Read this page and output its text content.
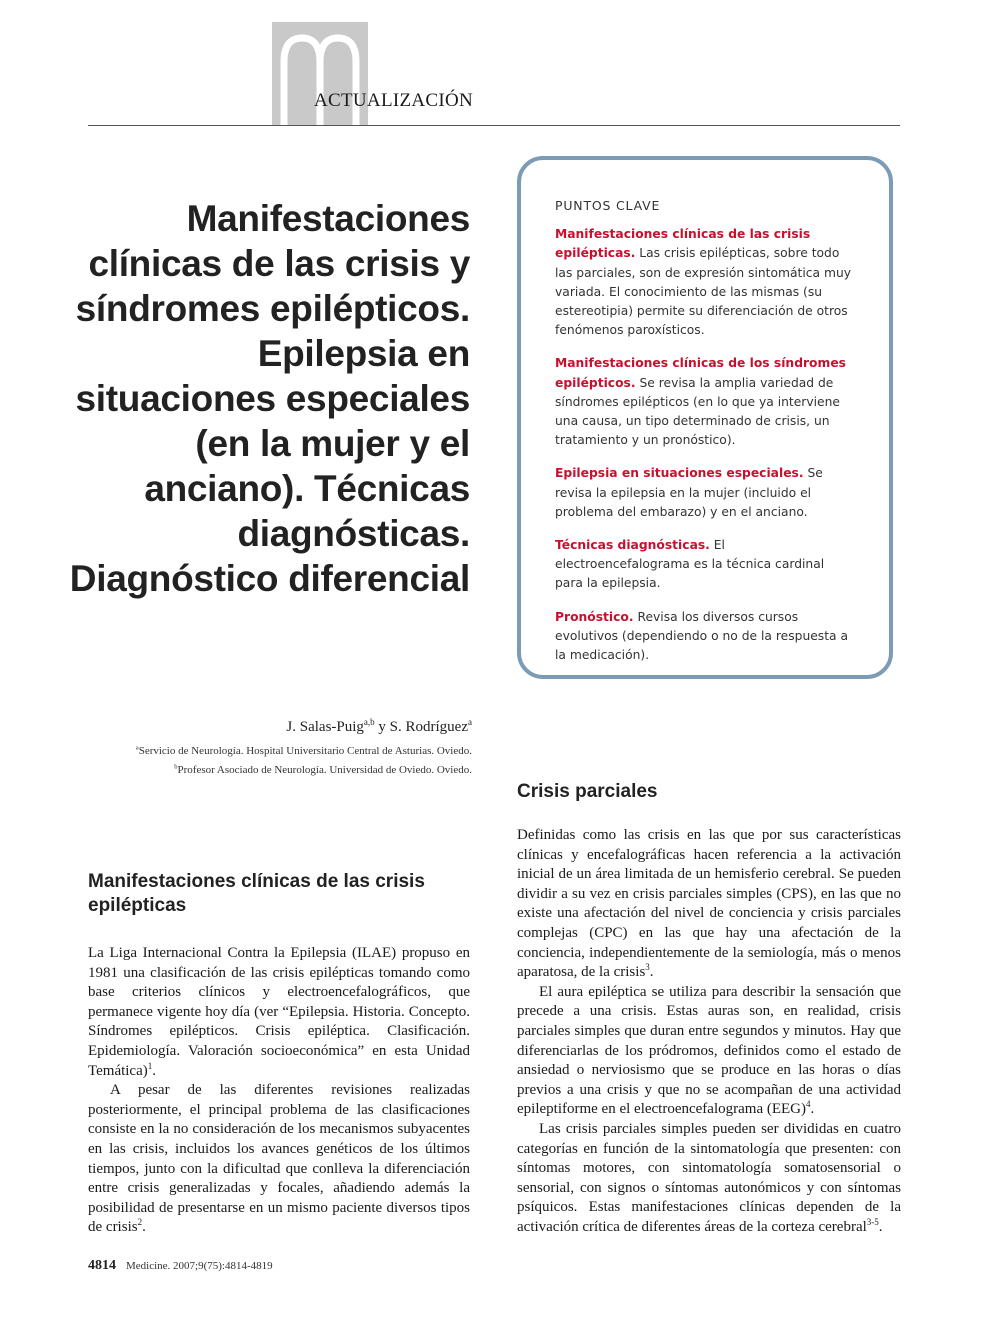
ACTUALIZACIÓN
Manifestaciones clínicas de las crisis y síndromes epilépticos. Epilepsia en situaciones especiales (en la mujer y el anciano). Técnicas diagnósticas. Diagnóstico diferencial
J. Salas-Puig$^{a,b}$ y S. Rodríguez$^a$
$^a$Servicio de Neurología. Hospital Universitario Central de Asturias. Oviedo.
$^b$Profesor Asociado de Neurología. Universidad de Oviedo. Oviedo.
PUNTOS CLAVE

Manifestaciones clínicas de las crisis epilépticas. Las crisis epilépticas, sobre todo las parciales, son de expresión sintomática muy variada. El conocimiento de las mismas (su estereotipia) permite su diferenciación de otros fenómenos paroxísticos.

Manifestaciones clínicas de los síndromes epilépticos. Se revisa la amplia variedad de síndromes epilépticos (en lo que ya interviene una causa, un tipo determinado de crisis, un tratamiento y un pronóstico).

Epilepsia en situaciones especiales. Se revisa la epilepsia en la mujer (incluido el problema del embarazo) y en el anciano.

Técnicas diagnósticas. El electroencefalograma es la técnica cardinal para la epilepsia.

Pronóstico. Revisa los diversos cursos evolutivos (dependiendo o no de la respuesta a la medicación).

Manifestaciones clínicas de las crisis epilépticas

La Liga Internacional Contra la Epilepsia (ILAE) propuso en 1981 una clasificación de las crisis epilépticas tomando como base criterios clínicos y electroencefalográficos, que permanece vigente hoy día (ver “Epilepsia. Historia. Concepto. Síndromes epilépticos. Crisis epiléptica. Clasificación. Epidemiología. Valoración socioeconómica” en esta Unidad Temática)$^1$.

A pesar de las diferentes revisiones realizadas posteriormente, el principal problema de las clasificaciones consiste en la no consideración de los mecanismos subyacentes en las crisis, incluidos los avances genéticos de los últimos tiempos, junto con la dificultad que conlleva la diferenciación entre crisis generalizadas y focales, añadiendo además la posibilidad de presentarse en un mismo paciente diversos tipos de crisis$^2$.

Crisis parciales

Definidas como las crisis en las que por sus características clínicas y encefalográficas hacen referencia a la activación inicial de un área limitada de un hemisferio cerebral. Se pueden dividir a su vez en crisis parciales simples (CPS), en las que no existe una afectación del nivel de conciencia y crisis parciales complejas (CPC) en las que hay una afectación de la conciencia, independientemente de la semiología, más o menos aparatosa, de la crisis$^3$.

El aura epiléptica se utiliza para describir la sensación que precede a una crisis. Estas auras son, en realidad, crisis parciales simples que duran entre segundos y minutos. Hay que diferenciarlas de los pródromos, definidos como el estado de ansiedad o nerviosismo que se produce en las horas o días previos a una crisis y que no se acompañan de una actividad epileptiforme en el electroencefalograma (EEG)$^4$.

Las crisis parciales simples pueden ser divididas en cuatro categorías en función de la sintomatología que presenten: con síntomas motores, con sintomatología somatosensorial o sensorial, con signos o síntomas autonómicos y con síntomas psíquicos. Estas manifestaciones clínicas dependen de la activación crítica de diferentes áreas de la corteza cerebral$^{3-5}$.

4814 Medicine. 2007;9(75):4814-4819
